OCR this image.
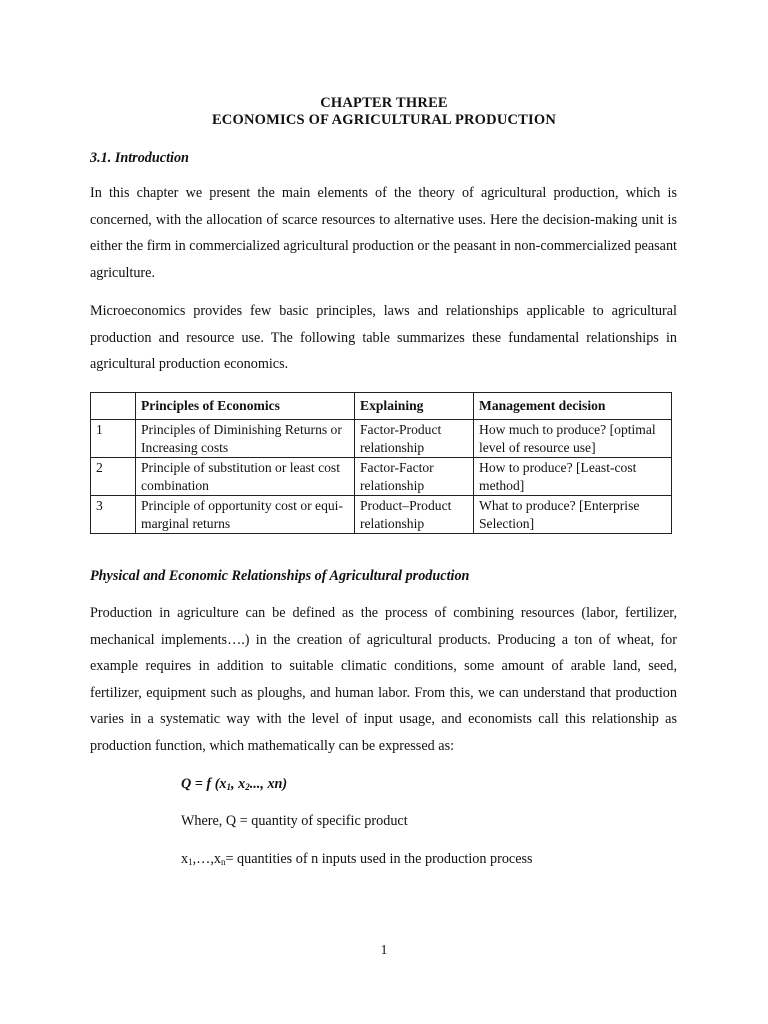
CHAPTER THREE
ECONOMICS OF AGRICULTURAL PRODUCTION
3.1. Introduction

In this chapter we present the main elements of the theory of agricultural production, which is concerned, with the allocation of scarce resources to alternative uses. Here the decision-making unit is either the firm in commercialized agricultural production or the peasant in non-commercialized peasant agriculture.

Microeconomics provides few basic principles, laws and relationships applicable to agricultural production and resource use. The following table summarizes these fundamental relationships in agricultural production economics.

	Principles of Economics	Explaining	Management decision
1	Principles of Diminishing Returns or Increasing costs	Factor-Product relationship	How much to produce? [optimal level of resource use]
2	Principle of substitution or least cost combination	Factor-Factor relationship	How to produce? [Least-cost method]
3	Principle of opportunity cost or equi-marginal returns	Product–Product relationship	What to produce? [Enterprise Selection]
Physical and Economic Relationships of Agricultural production

Production in agriculture can be defined as the process of combining resources (labor, fertilizer, mechanical implements….) in the creation of agricultural products. Producing a ton of wheat, for example requires in addition to suitable climatic conditions, some amount of arable land, seed, fertilizer, equipment such as ploughs, and human labor. From this, we can understand that production varies in a systematic way with the level of input usage, and economists call this relationship as production function, which mathematically can be expressed as:

Q = f ($x_1$, $x_2$..., xn)
Where, Q = quantity of specific product
$x_1,\dots,x_n=$ quantities of n inputs used in the production process
1
